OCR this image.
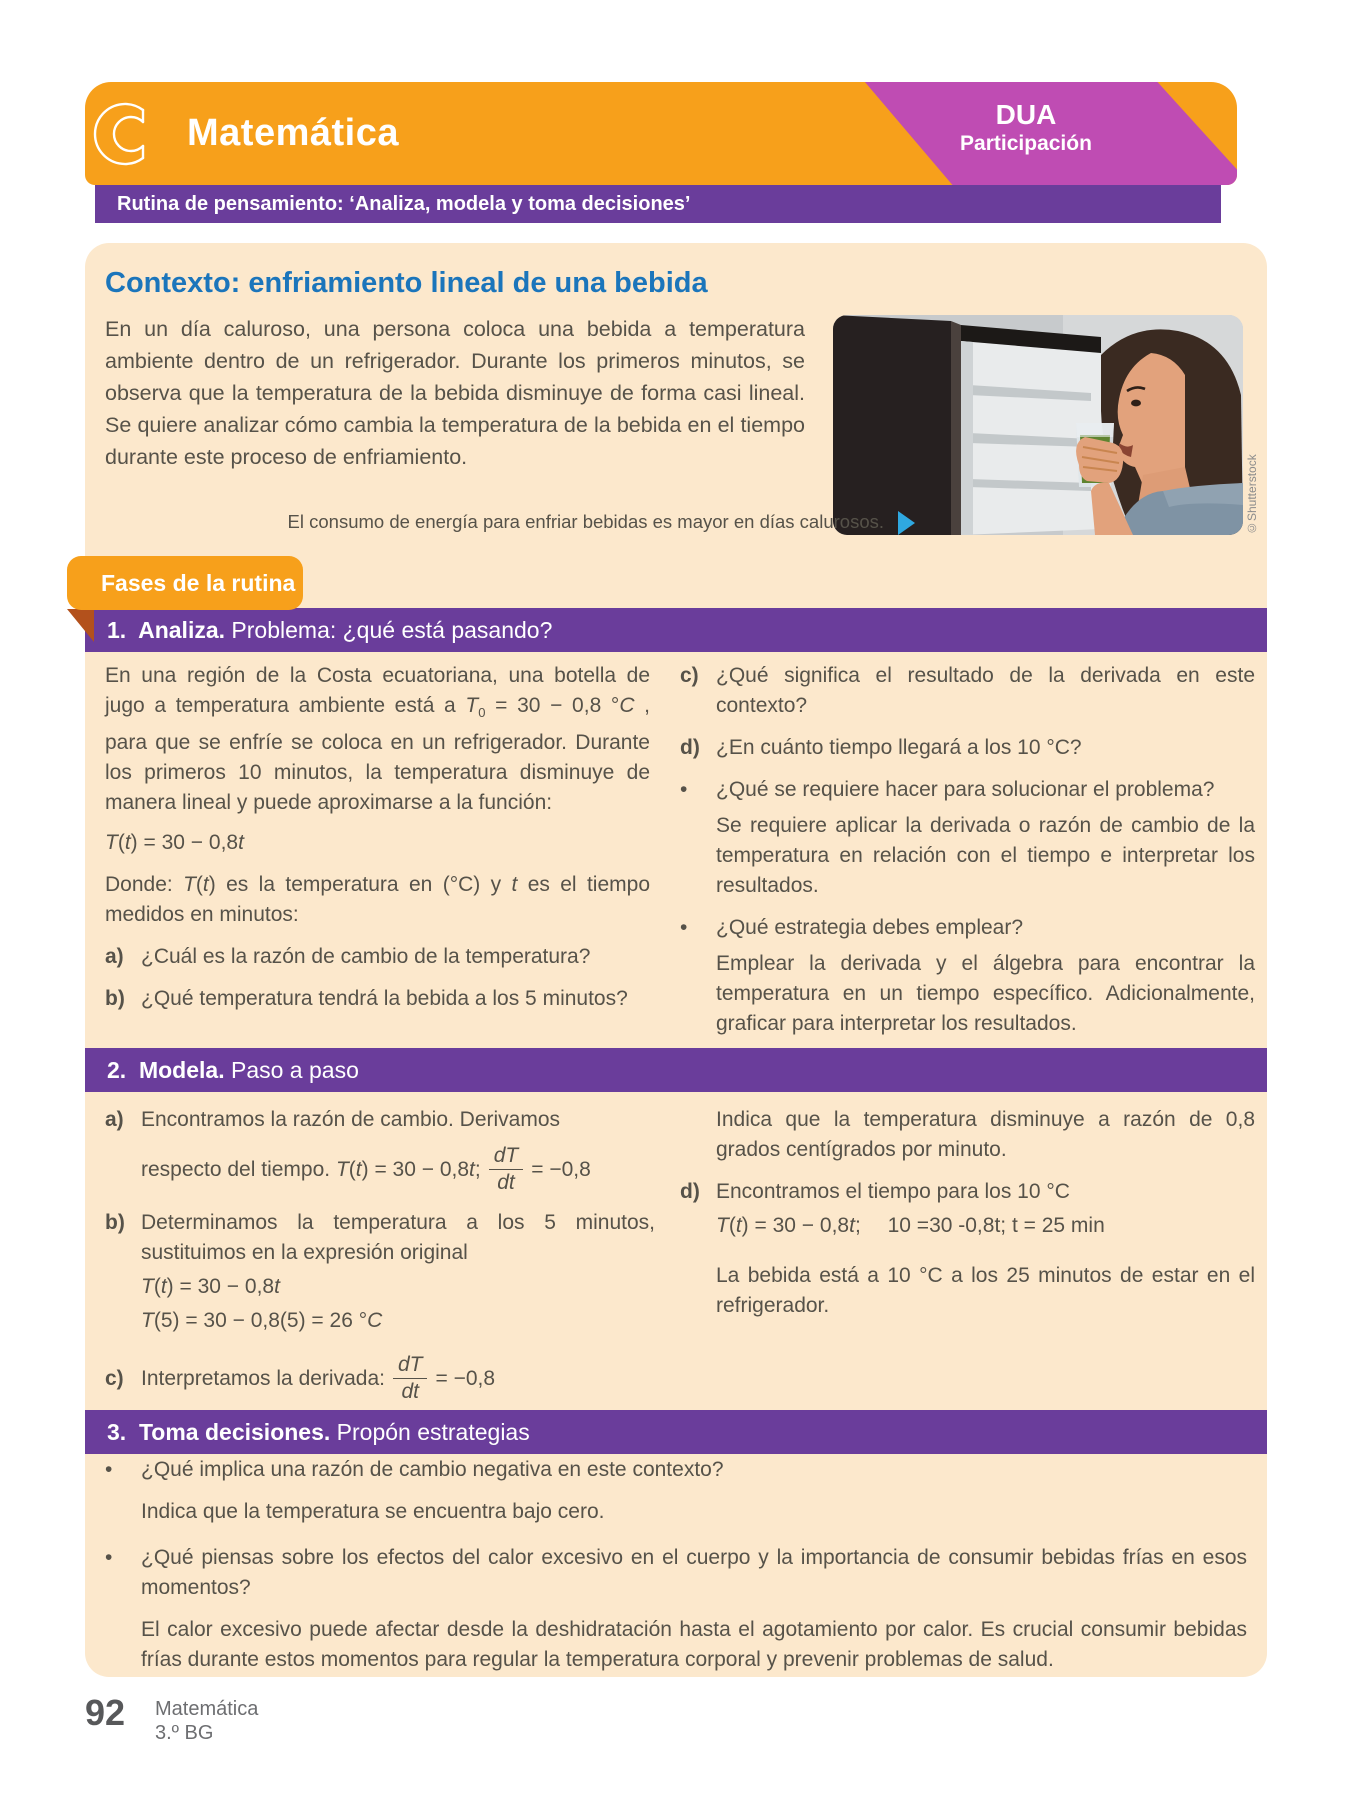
Matemática	DUA
Participación
Rutina de pensamiento: ‘Analiza, modela y toma decisiones’
Contexto: enfriamiento lineal de una bebida
En un día caluroso, una persona coloca una bebida a temperatura ambiente dentro de un refrigerador. Durante los primeros minutos, se observa que la temperatura de la bebida disminuye de forma casi lineal. Se quiere analizar cómo cambia la temperatura de la bebida en el tiempo durante este proceso de enfriamiento.	©Shutterstock
El consumo de energía para enfriar bebidas es mayor en días calurosos.
Fases de la rutina
1.  Analiza. Problema: ¿qué está pasando?
En una región de la Costa ecuatoriana, una botella de jugo a temperatura ambiente está a $T_0 = 30 - 0,8$ °C , para que se enfríe se coloca en un refrigerador. Durante los primeros 10 minutos, la temperatura disminuye de manera lineal y puede aproximarse a la función:
T(t) = 30 − 0,8t
Donde: T(t) es la temperatura en (°C) y t es el tiempo medidos en minutos:
a) ¿Cuál es la razón de cambio de la temperatura?
b) ¿Qué temperatura tendrá la bebida a los 5 minutos?
c) ¿Qué significa el resultado de la derivada en este contexto?
d) ¿En cuánto tiempo llegará a los 10 °C?
•	¿Qué se requiere hacer para solucionar el problema?
Se requiere aplicar la derivada o razón de cambio de la temperatura en relación con el tiempo e interpretar los resultados.
•	¿Qué estrategia debes emplear?
Emplear la derivada y el álgebra para encontrar la temperatura en un tiempo específico. Adicionalmente, graficar para interpretar los resultados.
2.  Modela. Paso a paso
a) Encontramos la razón de cambio. Derivamos
respecto del tiempo.
T(t) = 30 − 0,8t; $\frac{dT}{dt} = -0,8$
b) Determinamos la temperatura a los 5 minutos, sustituimos en la expresión original
T(t) = 30 − 0,8t
T(5) = 30 − 0,8(5) = 26 °C
c) Interpretamos la derivada: $\frac{dT}{dt} = -0,8$
Indica que la temperatura disminuye a razón de 0,8 grados centígrados por minuto.
d) Encontramos el tiempo para los 10 °C
T(t) = 30 − 0,8t;  10 =30 -0,8t; t = 25 min
La bebida está a 10 °C a los 25 minutos de estar en el refrigerador.
3.  Toma decisiones. Propón estrategias
•	¿Qué implica una razón de cambio negativa en este contexto?
Indica que la temperatura se encuentra bajo cero.
•	¿Qué piensas sobre los efectos del calor excesivo en el cuerpo y la importancia de consumir bebidas frías en esos momentos?
El calor excesivo puede afectar desde la deshidratación hasta el agotamiento por calor. Es crucial consumir bebidas frías durante estos momentos para regular la temperatura corporal y prevenir problemas de salud.
92 Matemática
3.º BG
